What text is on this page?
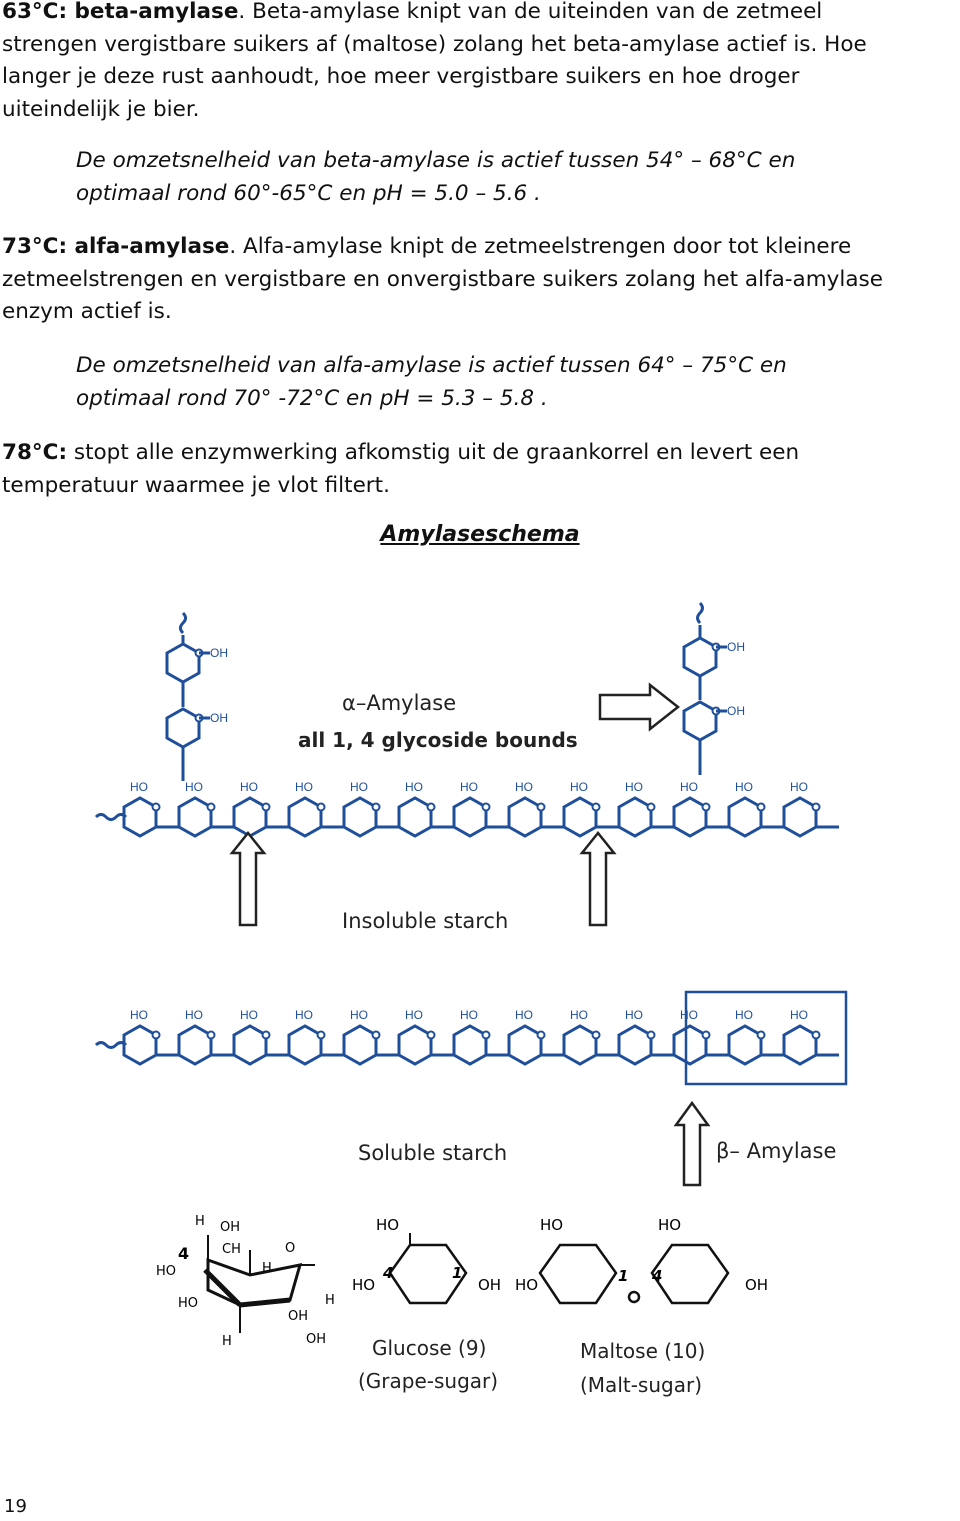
63°C: beta-amylase. Beta-amylase knipt van de uiteinden van de zetmeel
strengen vergistbare suikers af (maltose) zolang het beta-amylase actief is. Hoe
langer je deze rust aanhoudt, hoe meer vergistbare suikers en hoe droger
uiteindelijk je bier.

De omzetsnelheid van beta-amylase is actief tussen 54° – 68°C en
optimaal rond 60°-65°C en pH = 5.0 – 5.6 .

73°C: alfa-amylase. Alfa-amylase knipt de zetmeelstrengen door tot kleinere
zetmeelstrengen en vergistbare en onvergistbare suikers zolang het alfa-amylase
enzym actief is.

De omzetsnelheid van alfa-amylase is actief tussen 64° – 75°C en
optimaal rond 70° -72°C en pH = 5.3 – 5.8 .

78°C: stopt alle enzymwerking afkomstig uit de graankorrel en levert een
temperatuur waarmee je vlot filtert.

Amylaseschema
OH
OH
OH
OH
HO	HO	HO	HO	HO	HO	HO	HO	HO	HO	HO	HO	HO
α–Amylase
all 1, 4 glycoside bounds
Insoluble starch
HO	HO	HO	HO	HO	HO	HO	HO	HO	HO	HO	HO	HO
Soluble starch	β– Amylase
H OH
CH
HO
4
HO
H
O
OH
H	OH
H
HO
HO
4	1
OH
HO
HO
HO
OH
1 4
Glucose (9)
(Grape-sugar)
Maltose (10)
(Malt-sugar)
19
